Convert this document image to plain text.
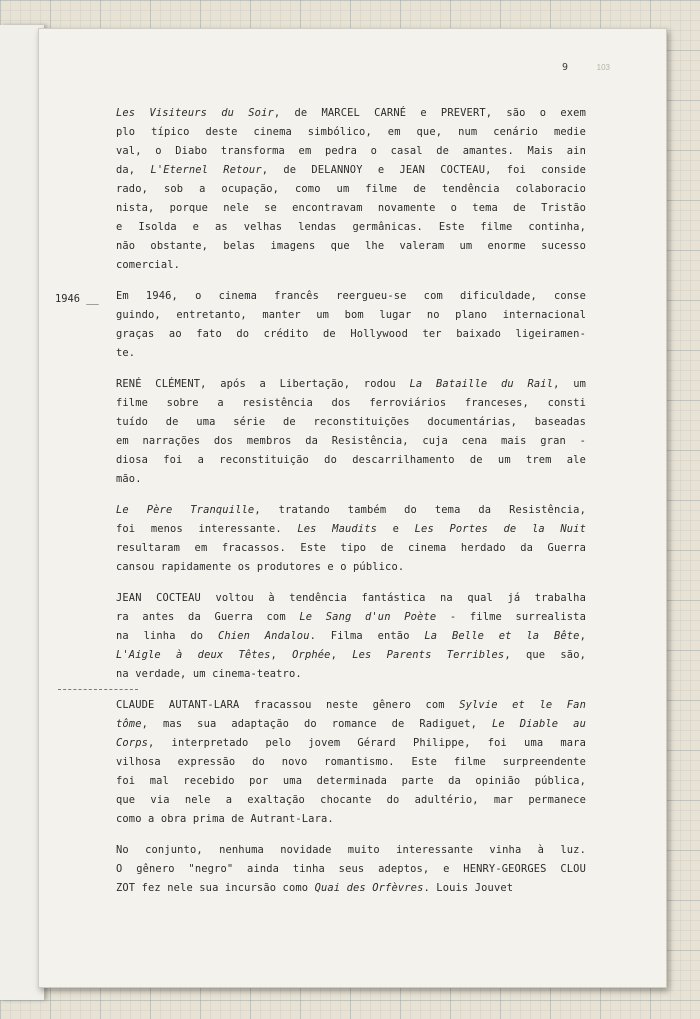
103
9
1946 __
Les Visiteurs du Soir, de MARCEL CARNÉ e PREVERT, são o exem
plo típico deste cinema simbólico, em que, num cenário medie
val, o Diabo transforma em pedra o casal de amantes. Mais ain
da, L'Eternel Retour, de DELANNOY e JEAN COCTEAU, foi conside
rado, sob a ocupação, como um filme de tendência colaboracio
nista, porque nele se encontravam novamente o tema de Tristão
e Isolda e as velhas lendas germânicas. Este filme continha,
não obstante, belas imagens que lhe valeram um enorme sucesso
comercial.
Em 1946, o cinema francês reergueu-se com dificuldade, conse
guindo, entretanto, manter um bom lugar no plano internacional
graças ao fato do crédito de Hollywood ter baixado ligeiramen-
te.
RENÉ CLÉMENT, após a Libertação, rodou La Bataille du Rail, um
filme sobre a resistência dos ferroviários franceses, consti
tuído de uma série de reconstituições documentárias, baseadas
em narrações dos membros da Resistência, cuja cena mais gran -
diosa foi a reconstituição do descarrilhamento de um trem ale
mão.
Le Père Tranquille, tratando também do tema da Resistência,
foi menos interessante. Les Maudits e Les Portes de la Nuit
resultaram em fracassos. Este tipo de cinema herdado da Guerra
cansou rapidamente os produtores e o público.
JEAN COCTEAU voltou à tendência fantástica na qual já trabalha
ra antes da Guerra com Le Sang d'un Poète - filme surrealista
na linha do Chien Andalou. Filma então La Belle et la Bête,
L'Aigle à deux Têtes, Orphée, Les Parents Terribles, que são,
na verdade, um cinema-teatro.
CLAUDE AUTANT-LARA fracassou neste gênero com Sylvie et le Fan
tôme, mas sua adaptação do romance de Radiguet, Le Diable au
Corps, interpretado pelo jovem Gérard Philippe, foi uma mara
vilhosa expressão do novo romantismo. Este filme surpreendente
foi mal recebido por uma determinada parte da opinião pública,
que via nele a exaltação chocante do adultério, mar permanece
como a obra prima de Autrant-Lara.
No conjunto, nenhuma novidade muito interessante vinha à luz.
O gênero "negro" ainda tinha seus adeptos, e HENRY-GEORGES CLOU
ZOT fez nele sua incursão como Quai des Orfèvres. Louis Jouvet
